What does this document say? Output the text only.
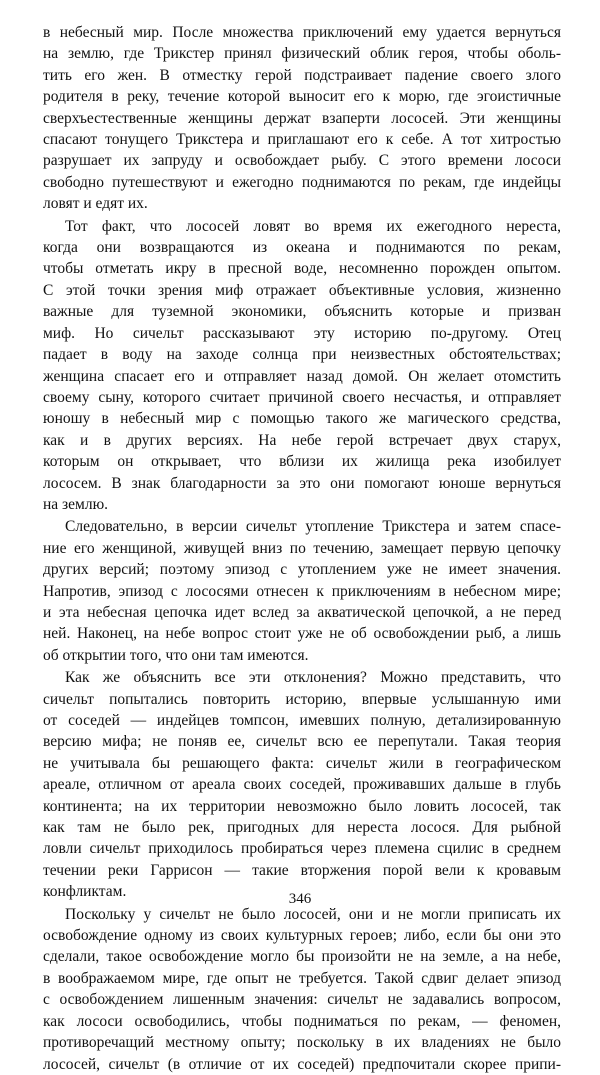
в небесный мир. После множества приключений ему удается вернуться
на землю, где Трикстер принял физический облик героя, чтобы оболь-
тить его жен. В отместку герой подстраивает падение своего злого
родителя в реку, течение которой выносит его к морю, где эгоистичные
сверхъестественные женщины держат взаперти лососей. Эти женщины
спасают тонущего Трикстера и приглашают его к себе. А тот хитростью
разрушает их запруду и освобождает рыбу. С этого времени лососи
свободно путешествуют и ежегодно поднимаются по рекам, где индейцы
ловят и едят их.
Тот факт, что лососей ловят во время их ежегодного нереста,
когда они возвращаются из океана и поднимаются по рекам,
чтобы отметать икру в пресной воде, несомненно порожден опытом.
С этой точки зрения миф отражает объективные условия, жизненно
важные для туземной экономики, объяснить которые и призван
миф. Но сичельт рассказывают эту историю по-другому. Отец
падает в воду на заходе солнца при неизвестных обстоятельствах;
женщина спасает его и отправляет назад домой. Он желает отомстить
своему сыну, которого считает причиной своего несчастья, и отправляет
юношу в небесный мир с помощью такого же магического средства,
как и в других версиях. На небе герой встречает двух старух,
которым он открывает, что вблизи их жилища река изобилует
лососем. В знак благодарности за это они помогают юноше вернуться
на землю.
Следовательно, в версии сичельт утопление Трикстера и затем спасе-
ние его женщиной, живущей вниз по течению, замещает первую цепочку
других версий; поэтому эпизод с утоплением уже не имеет значения.
Напротив, эпизод с лососями отнесен к приключениям в небесном мире;
и эта небесная цепочка идет вслед за акватической цепочкой, а не перед
ней. Наконец, на небе вопрос стоит уже не об освобождении рыб, а лишь
об открытии того, что они там имеются.
Как же объяснить все эти отклонения? Можно представить, что
сичельт попытались повторить историю, впервые услышанную ими
от соседей — индейцев томпсон, имевших полную, детализированную
версию мифа; не поняв ее, сичельт всю ее перепутали. Такая теория
не учитывала бы решающего факта: сичельт жили в географическом
ареале, отличном от ареала своих соседей, проживавших дальше в глубь
континента; на их территории невозможно было ловить лососей, так
как там не было рек, пригодных для нереста лосося. Для рыбной
ловли сичельт приходилось пробираться через племена сцилис в среднем
течении реки Гаррисон — такие вторжения порой вели к кровавым
конфликтам.
Поскольку у сичельт не было лососей, они и не могли приписать их
освобождение одному из своих культурных героев; либо, если бы они это
сделали, такое освобождение могло бы произойти не на земле, а на небе,
в воображаемом мире, где опыт не требуется. Такой сдвиг делает эпизод
с освобождением лишенным значения: сичельт не задавались вопросом,
как лососи освободились, чтобы подниматься по рекам, — феномен,
противоречащий местному опыту; поскольку в их владениях не было
лососей, сичельт (в отличие от их соседей) предпочитали скорее припи-
346
